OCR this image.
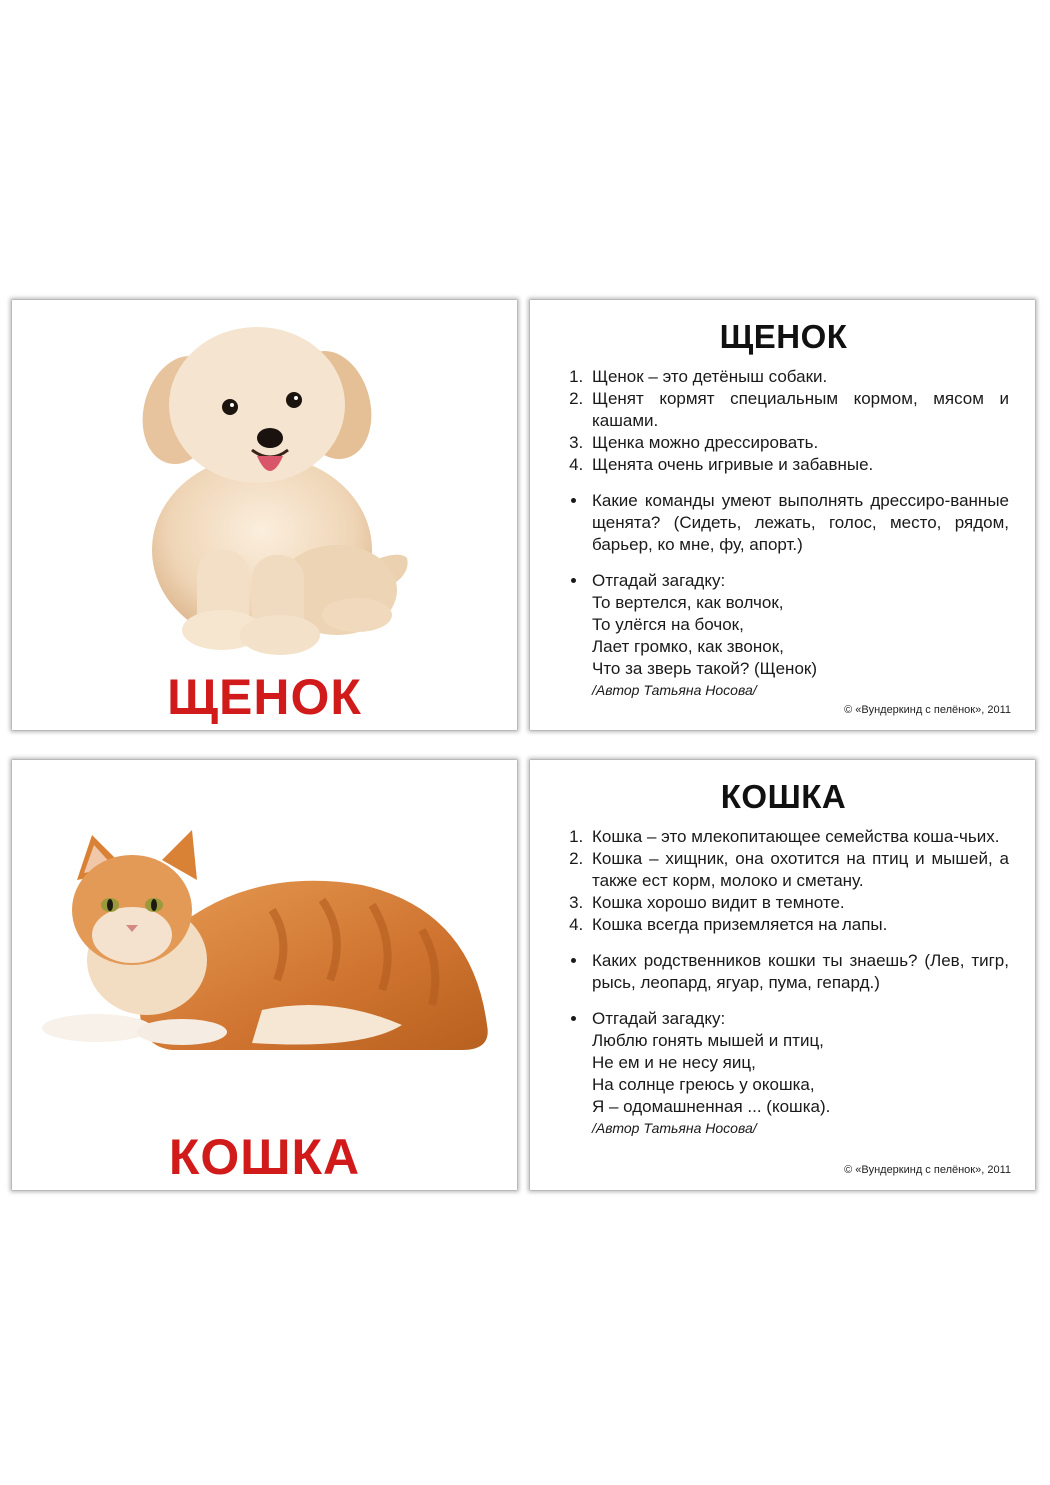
ЩЕНОК
ЩЕНОК
1. Щенок – это детёныш собаки.
2. Щенят кормят специальным кормом, мясом и кашами.
3. Щенка можно дрессировать.
4. Щенята очень игривые и забавные.
• Какие команды умеют выполнять дрессиро-ванные щенята? (Сидеть, лежать, голос, место, рядом, барьер, ко мне, фу, апорт.)
• Отгадай загадку:
То вертелся, как волчок,
То улёгся на бочок,
Лает громко, как звонок,
Что за зверь такой? (Щенок)
/Автор Татьяна Носова/
© «Вундеркинд с пелёнок», 2011
КОШКА
КОШКА
1. Кошка – это млекопитающее семейства коша-чьих.
2. Кошка – хищник, она охотится на птиц и мышей, а также ест корм, молоко и сметану.
3. Кошка хорошо видит в темноте.
4. Кошка всегда приземляется на лапы.
• Каких родственников кошки ты знаешь? (Лев, тигр, рысь, леопард, ягуар, пума, гепард.)
• Отгадай загадку:
Люблю гонять мышей и птиц,
Не ем и не несу яиц,
На солнце греюсь у окошка,
Я – одомашненная ... (кошка).
/Автор Татьяна Носова/
© «Вундеркинд с пелёнок», 2011
